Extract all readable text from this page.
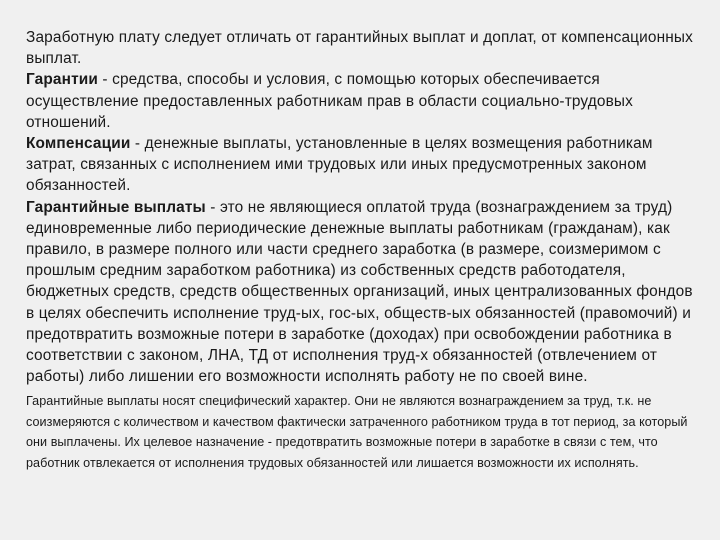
Заработную плату следует отличать от гарантийных выплат и доплат, от компенсационных выплат.

Гарантии - средства, способы и условия, с помощью которых обеспечивается осуществление предоставленных работникам прав в области социально-трудовых отношений.

Компенсации - денежные выплаты, установленные в целях возмещения работникам затрат, связанных с исполнением ими трудовых или иных предусмотренных законом обязанностей.

Гарантийные выплаты - это не являющиеся оплатой труда (вознаграждением за труд) единовременные либо периодические денежные выплаты работникам (гражданам), как правило, в размере полного или части среднего заработка (в размере, соизмеримом с прошлым средним заработком работника) из собственных средств работодателя, бюджетных средств, средств общественных организаций, иных централизованных фондов в целях обеспечить исполнение труд-ых, гос-ых, обществ-ых обязанностей (правомочий) и предотвратить возможные потери в заработке (доходах) при освобождении работника в соответствии с законом, ЛНА, ТД от исполнения труд-х обязанностей (отвлечением от работы) либо лишении его возможности исполнять работу не по своей вине.

Гарантийные выплаты носят специфический характер. Они не являются вознаграждением за труд, т.к. не соизмеряются с количеством и качеством фактически затраченного работником труда в тот период, за который они выплачены. Их целевое назначение - предотвратить возможные потери в заработке в связи с тем, что работник отвлекается от исполнения трудовых обязанностей или лишается возможности их исполнять.
